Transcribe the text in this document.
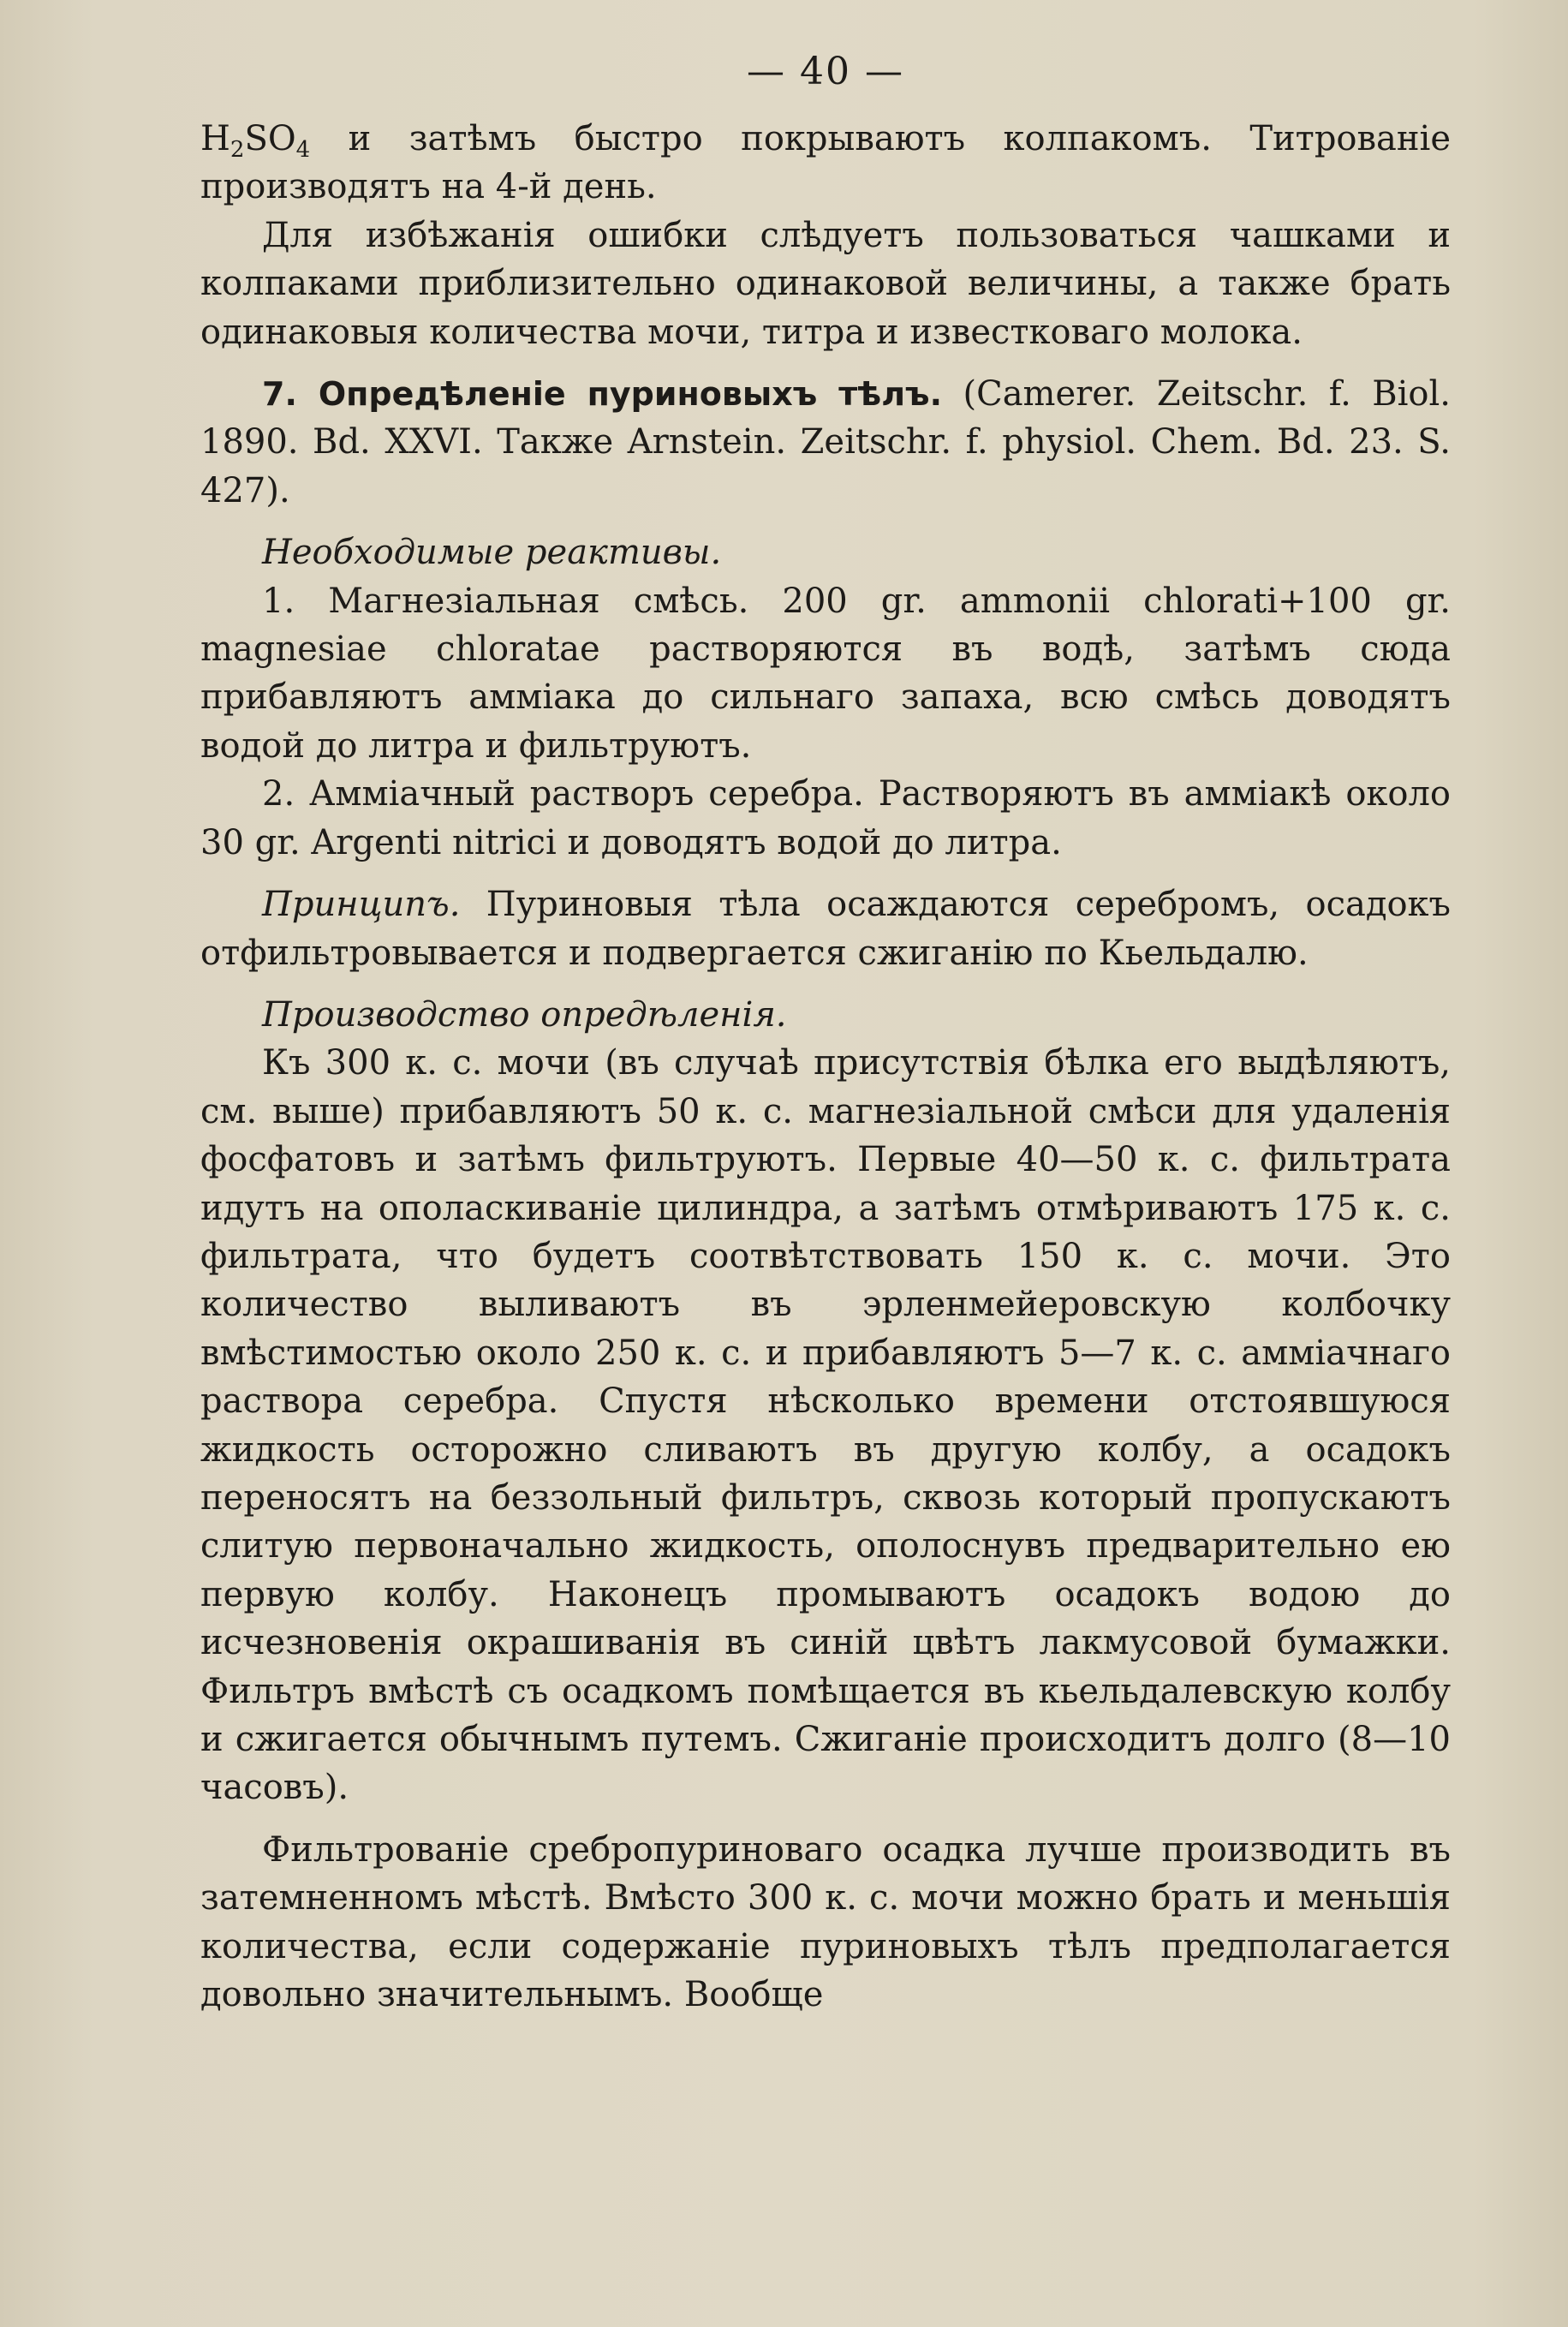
— 40 —

$H_2SO_4$ и затѣмъ быстро покрываютъ колпакомъ. Титрованіе производятъ на 4-й день.

Для избѣжанія ошибки слѣдуетъ пользоваться чашками и колпаками приблизительно одинаковой величины, а также брать одинаковыя количества мочи, титра и известковаго молока.

7. Опредѣленіе пуриновыхъ тѣлъ. (Camerer. Zeitschr. f. Biol. 1890. Bd. XXVI. Также Arnstein. Zeitschr. f. physiol. Chem. Bd. 23. S. 427).

Необходимые реактивы.

1. Магнезіальная смѣсь. 200 gr. ammonii chlorati+100 gr. magnesiae chloratae растворяются въ водѣ, затѣмъ сюда прибавляютъ амміака до сильнаго запаха, всю смѣсь доводятъ водой до литра и фильтруютъ.

2. Амміачный растворъ серебра. Растворяютъ въ амміакѣ около 30 gr. Argenti nitrici и доводятъ водой до литра.

Принципъ. Пуриновыя тѣла осаждаются серебромъ, осадокъ отфильтровывается и подвергается сжиганію по Кьельдалю.

Производство опредѣленія.

Къ 300 к. с. мочи (въ случаѣ присутствія бѣлка его выдѣляютъ, см. выше) прибавляютъ 50 к. с. магнезіальной смѣси для удаленія фосфатовъ и затѣмъ фильтруютъ. Первые 40—50 к. с. фильтрата идутъ на ополаскиваніе цилиндра, а затѣмъ отмѣриваютъ 175 к. с. фильтрата, что будетъ соотвѣтствовать 150 к. с. мочи. Это количество выливаютъ въ эрленмейеровскую колбочку вмѣстимостью около 250 к. с. и прибавляютъ 5—7 к. с. амміачнаго раствора серебра. Спустя нѣсколько времени отстоявшуюся жидкость осторожно сливаютъ въ другую колбу, а осадокъ переносятъ на беззольный фильтръ, сквозь который пропускаютъ слитую первоначально жидкость, ополоснувъ предварительно ею первую колбу. Наконецъ промываютъ осадокъ водою до исчезновенія окрашиванія въ синій цвѣтъ лакмусовой бумажки. Фильтръ вмѣстѣ съ осадкомъ помѣщается въ кьельдалевскую колбу и сжигается обычнымъ путемъ. Сжиганіе происходитъ долго (8—10 часовъ).

Фильтрованіе сребропуриноваго осадка лучше производить въ затемненномъ мѣстѣ. Вмѣсто 300 к. с. мочи можно брать и меньшія количества, если содержаніе пуриновыхъ тѣлъ предполагается довольно значительнымъ. Вообще
